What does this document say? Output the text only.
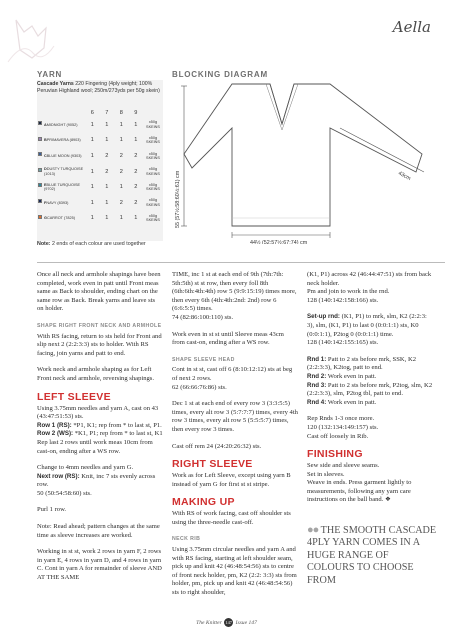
Aella
YARN	BLOCKING DIAGRAM
Cascade Yarns 220 Fingering (4ply weight; 100% Peruvian Highland wool; 250m/273yds per 50g skein)
	6	7	8	9	

AMIDNIGHT (9052)	1	1	1	1	x50g SKEINS

BPRIMAVERA (8903)	1	1	1	1	x50g SKEINS

CBLUE MOON (9303)	1	2	2	2	x50g SKEINS

DDUSTY TURQUOISE (1013)	1	2	2	2	x50g SKEINS

EBLUE TURQUOISE (9702)	1	1	1	2	x50g SKEINS

FNAVY (8393)	1	1	2	2	x50g SKEINS

GCARROT (7825)	1	1	1	1	x50g SKEINS
Note: 2 ends of each colour are used together
55 (57½:58:60½:61) cm	43cm
44½ (52:57½:67:74) cm

Once all neck and armhole shapings have been completed, work even in patt until Front meas same as Back to shoulder, ending chart on the same row as Back. Break yarns and leave sts on holder.

SHAPE RIGHT FRONT NECK AND ARMHOLE

With RS facing, return to sts held for Front and slip next 2 (2:2:3:3) sts to holder. With RS facing, join yarns and patt to end.

Work neck and armhole shaping as for Left Front neck and armhole, reversing shapings.

LEFT SLEEVE

Using 3.75mm needles and yarn A, cast on 43 (43:47:51:53) sts.

Row 1 (RS): *P1, K1; rep from * to last st, P1.

Row 2 (WS): *K1, P1; rep from * to last st, K1

Rep last 2 rows until work meas 10cm from cast-on, ending after a WS row.

Change to 4mm needles and yarn G.

Next row (RS): Knit, inc 7 sts evenly across row.

50 (50:54:58:60) sts.

Purl 1 row.

Note: Read ahead; pattern changes at the same time as sleeve increases are worked.

Working in st st, work 2 rows in yarn F, 2 rows in yarn E, 4 rows in yarn D, and 4 rows in yarn C. Cont in yarn A for remainder of sleeve AND AT THE SAME

TIME, inc 1 st at each end of 9th (7th:7th: 5th:5th) st st row, then every foll 8th (6th:6th:4th:4th) row 5 (9:9:15:19) times more, then every 6th (4th:4th:2nd: 2nd) row 6 (6:6:5:5) times.

74 (82:86:100:110) sts.

Work even in st st until Sleeve meas 43cm from cast-on, ending after a WS row.

SHAPE SLEEVE HEAD

Cont in st st, cast off 6 (8:10:12:12) sts at beg of next 2 rows.

62 (66:66:76:86) sts.

Dec 1 st at each end of every row 3 (3:3:5:5) times, every alt row 3 (5:7:7:7) times, every 4th row 3 times, every alt row 5 (5:5:5:7) times, then every row 3 times.

Cast off rem 24 (24:20:26:32) sts.

RIGHT SLEEVE

Work as for Left Sleeve, except using yarn B instead of yarn G for first st st stripe.

MAKING UP

With RS of work facing, cast off shoulder sts using the three-needle cast-off.

NECK RIB

Using 3.75mm circular needles and yarn A and with RS facing, starting at left shoulder seam, pick up and knit 42 (46:48:54:56) sts to centre of front neck holder, pm, K2 (2:2: 3:3) sts from holder, pm, pick up and knit 42 (46:48:54:56) sts to right shoulder,

(K1, P1) across 42 (46:44:47:51) sts from back neck holder.

Pm and join to work in the rnd.

128 (140:142:158:166) sts.

Set-up rnd: (K1, P1) to mrk, slm, K2 (2:2:3: 3), slm, (K1, P1) to last 0 (0:0:1:1) sts, K0 (0:0:1:1), P2tog 0 (0:0:1:1) time.

128 (140:142:155:165) sts.

Rnd 1: Patt to 2 sts before mrk, SSK, K2 (2:2:3:3), K2tog, patt to end.

Rnd 2: Work even in patt.

Rnd 3: Patt to 2 sts before mrk, P2tog, slm, K2 (2:2:3:3), slm, P2tog tbl, patt to end.

Rnd 4: Work even in patt.

Rep Rnds 1-3 once more.

120 (132:134:149:157) sts.

Cast off loosely in Rib.

FINISHING

Sew side and sleeve seams.

Set in sleeves.

Weave in ends. Press garment lightly to measurements, following any yarn care instructions on the ball band. ❖

●● THE SMOOTH CASCADE 4PLY YARN COMES IN A HUGE RANGE OF COLOURS TO CHOOSE FROM
The Knitter 147 Issue 147
